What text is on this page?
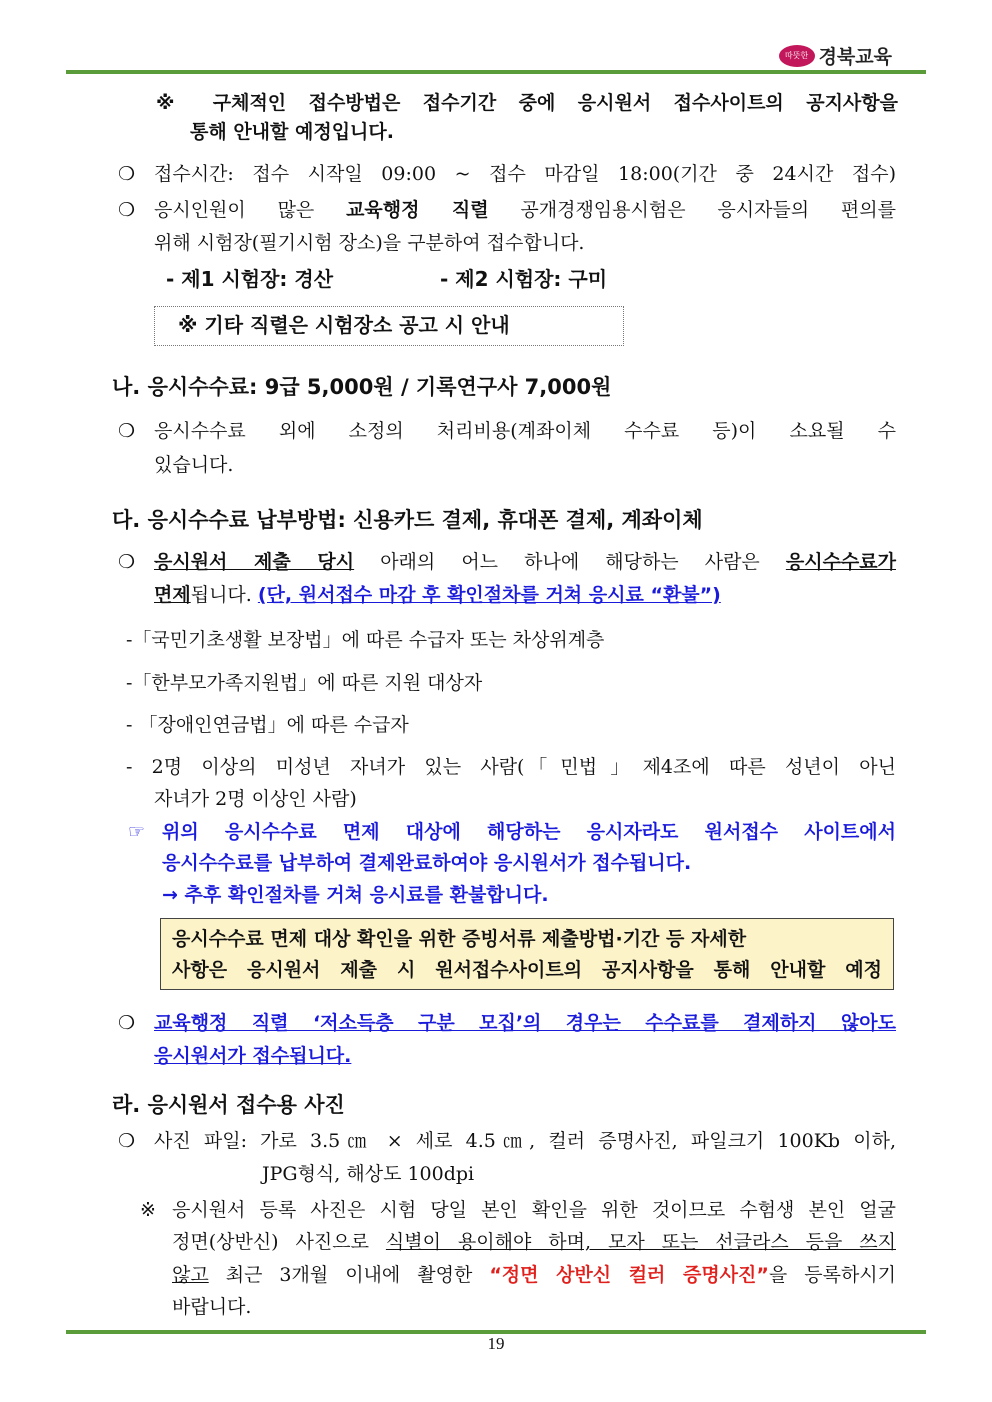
따뜻한 경북교육
※ 구체적인 접수방법은 접수기간 중에 응시원서 접수사이트의 공지사항을
통해 안내할 예정입니다.
❍ 접수시간: 접수 시작일 09:00 ~ 접수 마감일 18:00(기간 중 24시간 접수)
❍ 응시인원이 많은 교육행정 직렬 공개경쟁임용시험은 응시자들의 편의를
위해 시험장(필기시험 장소)을 구분하여 접수합니다.
- 제1 시험장: 경산	- 제2 시험장: 구미
※ 기타 직렬은 시험장소 공고 시 안내
나. 응시수수료: 9급 5,000원 / 기록연구사 7,000원
❍ 응시수수료 외에 소정의 처리비용(계좌이체 수수료 등)이 소요될 수
있습니다.
다. 응시수수료 납부방법: 신용카드 결제, 휴대폰 결제, 계좌이체
❍ 응시원서 제출 당시 아래의 어느 하나에 해당하는 사람은 응시수수료가
면제됩니다. (단, 원서접수 마감 후 확인절차를 거쳐 응시료 “환불”)
-「국민기초생활 보장법」에 따른 수급자 또는 차상위계층
-「한부모가족지원법」에 따른 지원 대상자
- 「장애인연금법」에 따른 수급자
- 2명 이상의 미성년 자녀가 있는 사람(「민법」제4조에 따른 성년이 아닌
자녀가 2명 이상인 사람)
☞ 위의 응시수수료 면제 대상에 해당하는 응시자라도 원서접수 사이트에서
응시수수료를 납부하여 결제완료하여야 응시원서가 접수됩니다.
→ 추후 확인절차를 거쳐 응시료를 환불합니다.
응시수수료 면제 대상 확인을 위한 증빙서류 제출방법·기간 등 자세한
사항은 응시원서 제출 시 원서접수사이트의 공지사항을 통해 안내할 예정
❍ 교육행정 직렬 ‘저소득층 구분 모집’의 경우는 수수료를 결제하지 않아도
응시원서가 접수됩니다.
라. 응시원서 접수용 사진
❍ 사진 파일: 가로 3.5㎝ × 세로 4.5㎝, 컬러 증명사진, 파일크기 100Kb 이하,
JPG형식, 해상도 100dpi
※ 응시원서 등록 사진은 시험 당일 본인 확인을 위한 것이므로 수험생 본인 얼굴
정면(상반신) 사진으로 식별이 용이해야 하며, 모자 또는 선글라스 등을 쓰지
않고 최근 3개월 이내에 촬영한 “정면 상반신 컬러 증명사진”을 등록하시기
바랍니다.
19
